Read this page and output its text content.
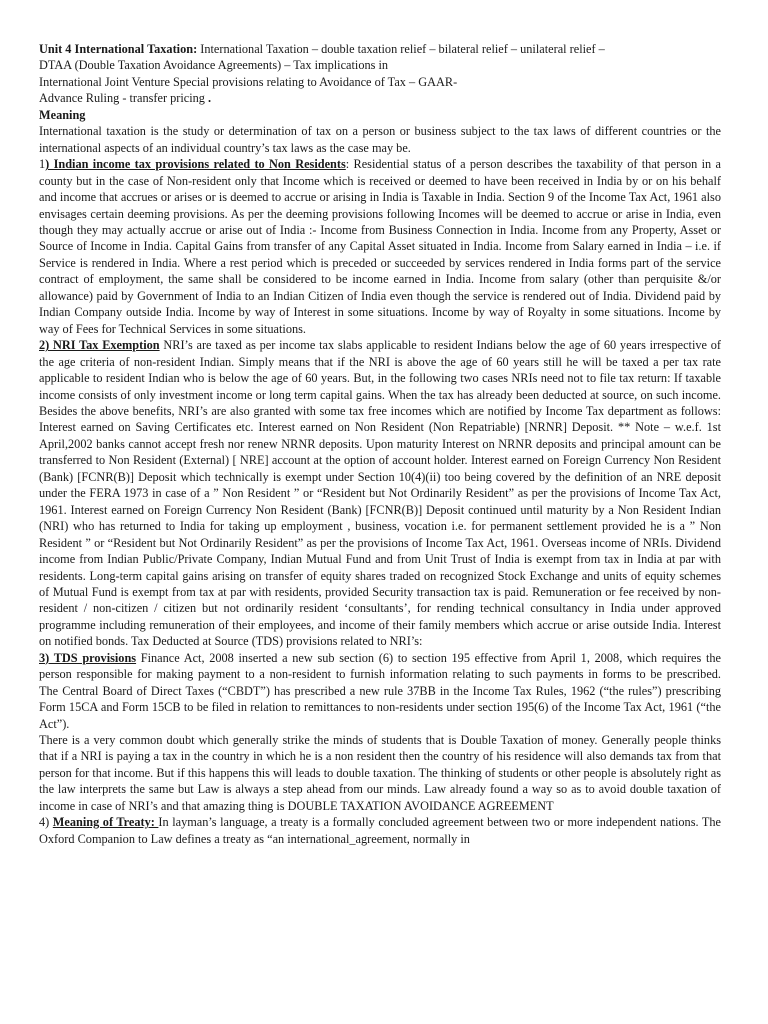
Unit 4 International Taxation: International Taxation – double taxation relief – bilateral relief – unilateral relief –

DTAA (Double Taxation Avoidance Agreements) – Tax implications in

International Joint Venture Special provisions relating to Avoidance of Tax – GAAR-

Advance Ruling - transfer pricing .

Meaning

International taxation is the study or determination of tax on a person or business subject to the tax laws of different countries or the international aspects of an individual country’s tax laws as the case may be.

1) Indian income tax provisions related to Non Residents: Residential status of a person describes the taxability of that person in a county but in the case of Non-resident only that Income which is received or deemed to have been received in India by or on his behalf and income that accrues or arises or is deemed to accrue or arising in India is Taxable in India. Section 9 of the Income Tax Act, 1961 also envisages certain deeming provisions. As per the deeming provisions following Incomes will be deemed to accrue or arise in India, even though they may actually accrue or arise out of India :- Income from Business Connection in India. Income from any Property, Asset or Source of Income in India. Capital Gains from transfer of any Capital Asset situated in India. Income from Salary earned in India – i.e. if Service is rendered in India. Where a rest period which is preceded or succeeded by services rendered in India forms part of the service contract of employment, the same shall be considered to be income earned in India. Income from salary (other than perquisite &/or allowance) paid by Government of India to an Indian Citizen of India even though the service is rendered out of India. Dividend paid by Indian Company outside India. Income by way of Interest in some situations. Income by way of Royalty in some situations. Income by way of Fees for Technical Services in some situations.

2) NRI Tax Exemption NRI’s are taxed as per income tax slabs applicable to resident Indians below the age of 60 years irrespective of the age criteria of non-resident Indian. Simply means that if the NRI is above the age of 60 years still he will be taxed a per tax rate applicable to resident Indian who is below the age of 60 years. But, in the following two cases NRIs need not to file tax return: If taxable income consists of only investment income or long term capital gains. When the tax has already been deducted at source, on such income. Besides the above benefits, NRI’s are also granted with some tax free incomes which are notified by Income Tax department as follows: Interest earned on Saving Certificates etc. Interest earned on Non Resident (Non Repatriable) [NRNR] Deposit. ** Note – w.e.f. 1st April,2002 banks cannot accept fresh nor renew NRNR deposits. Upon maturity Interest on NRNR deposits and principal amount can be transferred to Non Resident (External) [ NRE] account at the option of account holder. Interest earned on Foreign Currency Non Resident (Bank) [FCNR(B)] Deposit which technically is exempt under Section 10(4)(ii) too being covered by the definition of an NRE deposit under the FERA 1973 in case of a ” Non Resident ” or “Resident but Not Ordinarily Resident” as per the provisions of Income Tax Act, 1961. Interest earned on Foreign Currency Non Resident (Bank) [FCNR(B)] Deposit continued until maturity by a Non Resident Indian (NRI) who has returned to India for taking up employment , business, vocation i.e. for permanent settlement provided he is a ” Non Resident ” or “Resident but Not Ordinarily Resident” as per the provisions of Income Tax Act, 1961. Overseas income of NRIs. Dividend income from Indian Public/Private Company, Indian Mutual Fund and from Unit Trust of India is exempt from tax in India at par with residents. Long-term capital gains arising on transfer of equity shares traded on recognized Stock Exchange and units of equity schemes of Mutual Fund is exempt from tax at par with residents, provided Security transaction tax is paid. Remuneration or fee received by non-resident / non-citizen / citizen but not ordinarily resident ‘consultants’, for rending technical consultancy in India under approved programme including remuneration of their employees, and income of their family members which accrue or arise outside India. Interest on notified bonds. Tax Deducted at Source (TDS) provisions related to NRI’s:

3) TDS provisions Finance Act, 2008 inserted a new sub section (6) to section 195 effective from April 1, 2008, which requires the person responsible for making payment to a non-resident to furnish information relating to such payments in forms to be prescribed.

The Central Board of Direct Taxes (“CBDT”) has prescribed a new rule 37BB in the Income Tax Rules, 1962 (“the rules”) prescribing Form 15CA and Form 15CB to be filed in relation to remittances to non-residents under section 195(6) of the Income Tax Act, 1961 (“the Act”).

There is a very common doubt which generally strike the minds of students that is Double Taxation of money. Generally people thinks that if a NRI is paying a tax in the country in which he is a non resident then the country of his residence will also demands tax from that person for that income. But if this happens this will leads to double taxation. The thinking of students or other people is absolutely right as the law interprets the same but Law is always a step ahead from our minds. Law already found a way so as to avoid double taxation of income in case of NRI’s and that amazing thing is DOUBLE TAXATION AVOIDANCE AGREEMENT

4) Meaning of Treaty: In layman’s language, a treaty is a formally concluded agreement between two or more independent nations. The Oxford Companion to Law defines a treaty as “an international_agreement, normally in
